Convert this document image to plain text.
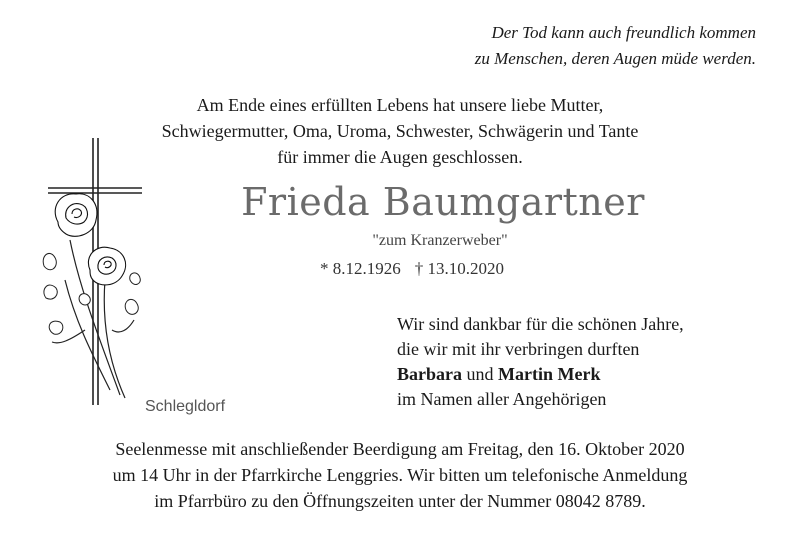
Der Tod kann auch freundlich kommen
zu Menschen, deren Augen müde werden.
Am Ende eines erfüllten Lebens hat unsere liebe Mutter,
Schwiegermutter, Oma, Uroma, Schwester, Schwägerin und Tante
für immer die Augen geschlossen.
Frieda Baumgartner
"zum Kranzerweber"
* 8.12.1926 † 13.10.2020
Schlegldorf
Wir sind dankbar für die schönen Jahre,
die wir mit ihr verbringen durften
Barbara und Martin Merk
im Namen aller Angehörigen
Seelenmesse mit anschließender Beerdigung am Freitag, den 16. Oktober 2020
um 14 Uhr in der Pfarrkirche Lenggries. Wir bitten um telefonische Anmeldung
im Pfarrbüro zu den Öffnungszeiten unter der Nummer 08042 8789.
